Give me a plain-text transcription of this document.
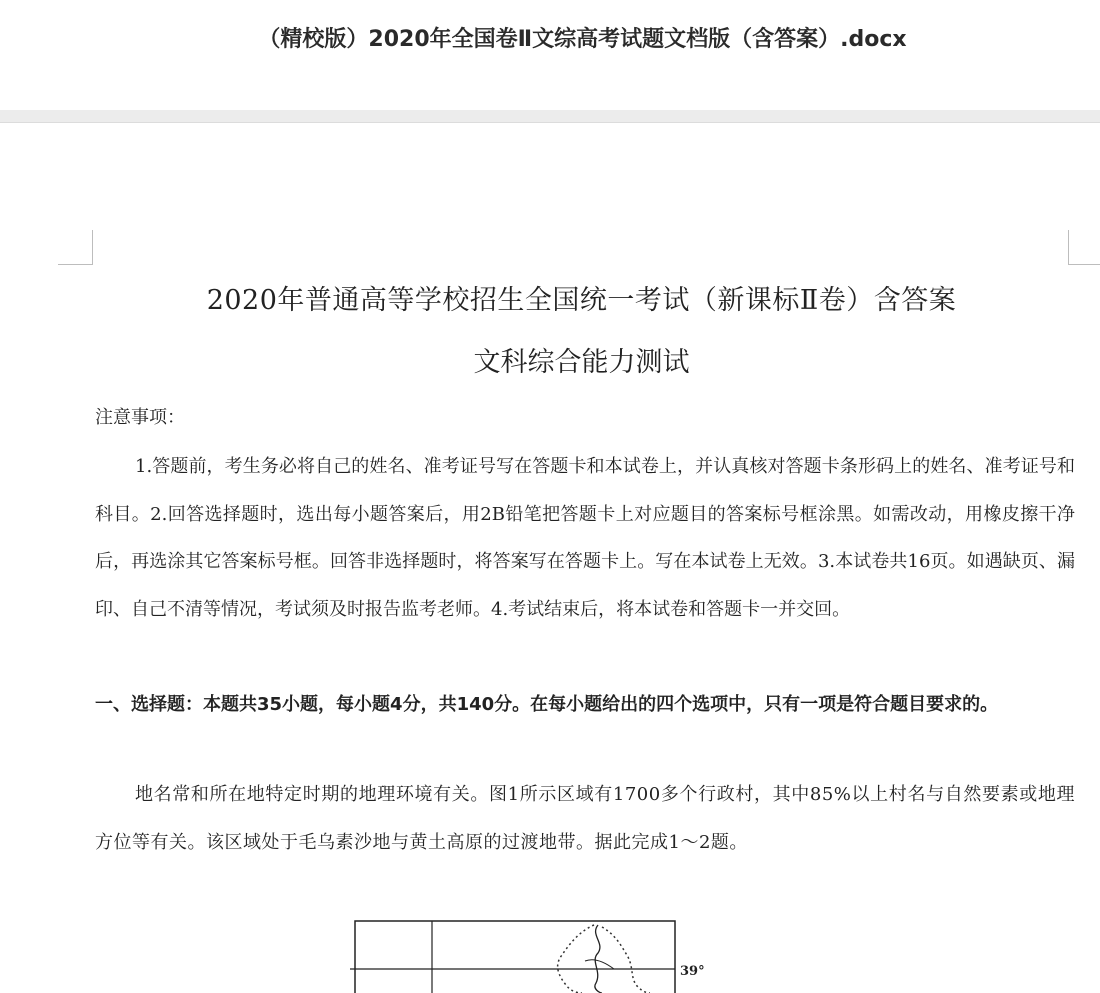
（精校版）2020年全国卷Ⅱ文综高考试题文档版（含答案）.docx
2020年普通高等学校招生全国统一考试（新课标Ⅱ卷）含答案
文科综合能力测试
注意事项：
1.答题前，考生务必将自己的姓名、准考证号写在答题卡和本试卷上，并认真核对答题卡条形码上的姓名、准考证号和科目。2.回答选择题时，选出每小题答案后，用2B铅笔把答题卡上对应题目的答案标号框涂黑。如需改动，用橡皮擦干净后，再选涂其它答案标号框。回答非选择题时，将答案写在答题卡上。写在本试卷上无效。3.本试卷共16页。如遇缺页、漏印、自己不清等情况，考试须及时报告监考老师。4.考试结束后，将本试卷和答题卡一并交回。
一、选择题：本题共35小题，每小题4分，共140分。在每小题给出的四个选项中，只有一项是符合题目要求的。
地名常和所在地特定时期的地理环境有关。图1所示区域有1700多个行政村，其中85%以上村名与自然要素或地理方位等有关。该区域处于毛乌素沙地与黄土高原的过渡地带。据此完成1～2题。
39°
